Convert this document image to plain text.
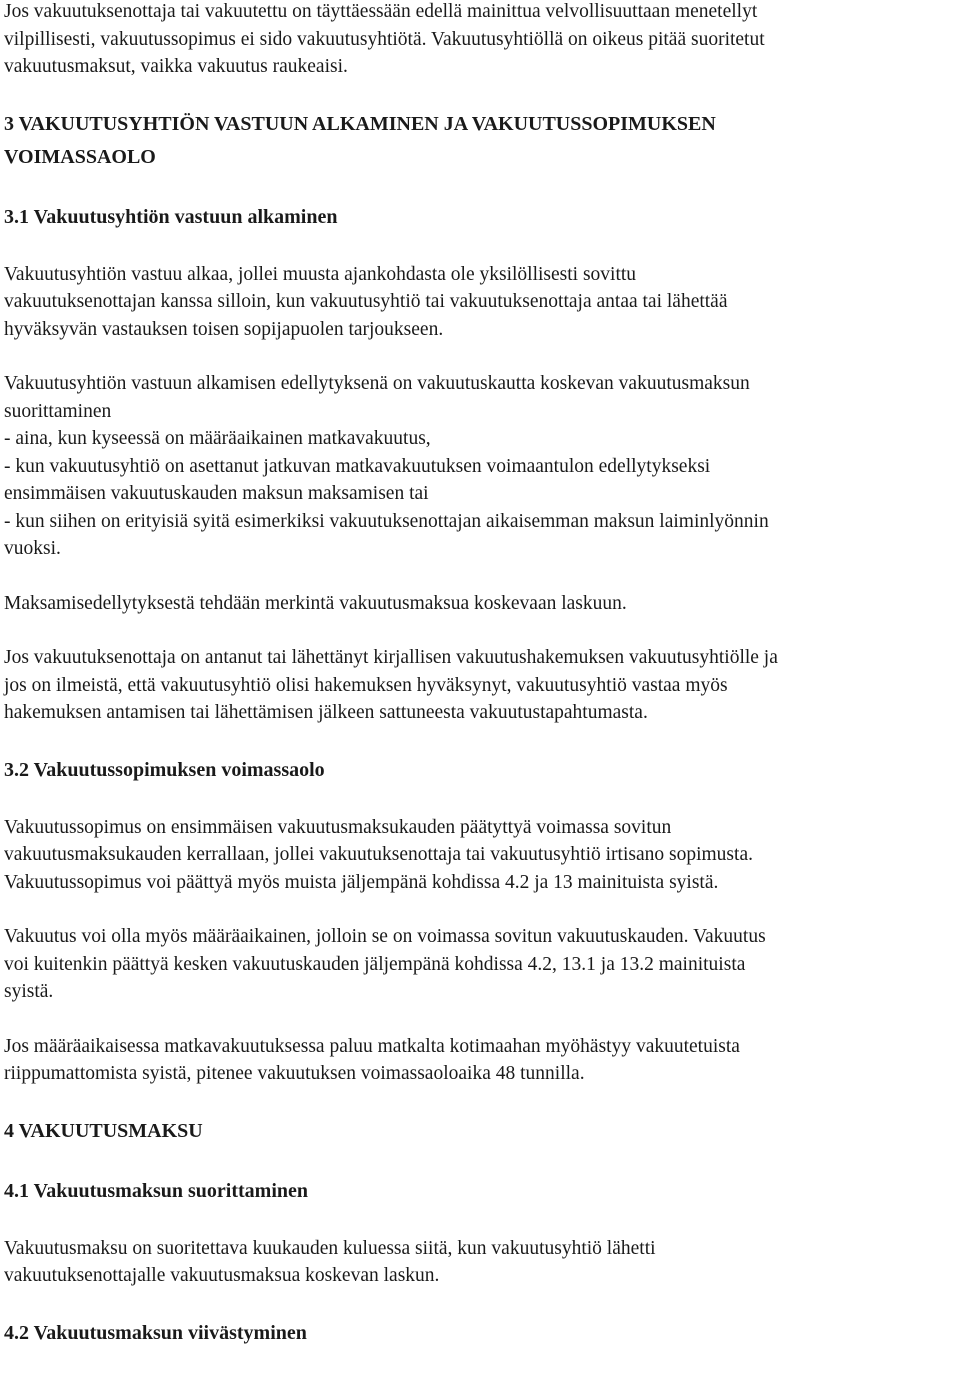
Jos vakuutuksenottaja tai vakuutettu on täyttäessään edellä mainittua velvollisuuttaan menetellyt
vilpillisesti, vakuutussopimus ei sido vakuutusyhtiötä. Vakuutusyhtiöllä on oikeus pitää suoritetut
vakuutusmaksut, vaikka vakuutus raukeaisi.

3 VAKUUTUSYHTIÖN VASTUUN ALKAMINEN JA VAKUUTUSSOPIMUKSEN
VOIMASSAOLO
3.1 Vakuutusyhtiön vastuun alkaminen

Vakuutusyhtiön vastuu alkaa, jollei muusta ajankohdasta ole yksilöllisesti sovittu
vakuutuksenottajan kanssa silloin, kun vakuutusyhtiö tai vakuutuksenottaja antaa tai lähettää
hyväksyvän vastauksen toisen sopijapuolen tarjoukseen.

Vakuutusyhtiön vastuun alkamisen edellytyksenä on vakuutuskautta koskevan vakuutusmaksun
suorittaminen
- aina, kun kyseessä on määräaikainen matkavakuutus,
- kun vakuutusyhtiö on asettanut jatkuvan matkavakuutuksen voimaantulon edellytykseksi
ensimmäisen vakuutuskauden maksun maksamisen tai
- kun siihen on erityisiä syitä esimerkiksi vakuutuksenottajan aikaisemman maksun laiminlyönnin
vuoksi.

Maksamisedellytyksestä tehdään merkintä vakuutusmaksua koskevaan laskuun.

Jos vakuutuksenottaja on antanut tai lähettänyt kirjallisen vakuutushakemuksen vakuutusyhtiölle ja
jos on ilmeistä, että vakuutusyhtiö olisi hakemuksen hyväksynyt, vakuutusyhtiö vastaa myös
hakemuksen antamisen tai lähettämisen jälkeen sattuneesta vakuutustapahtumasta.

3.2 Vakuutussopimuksen voimassaolo

Vakuutussopimus on ensimmäisen vakuutusmaksukauden päätyttyä voimassa sovitun
vakuutusmaksukauden kerrallaan, jollei vakuutuksenottaja tai vakuutusyhtiö irtisano sopimusta.
Vakuutussopimus voi päättyä myös muista jäljempänä kohdissa 4.2 ja 13 mainituista syistä.

Vakuutus voi olla myös määräaikainen, jolloin se on voimassa sovitun vakuutuskauden. Vakuutus
voi kuitenkin päättyä kesken vakuutuskauden jäljempänä kohdissa 4.2, 13.1 ja 13.2 mainituista
syistä.

Jos määräaikaisessa matkavakuutuksessa paluu matkalta kotimaahan myöhästyy vakuutetuista
riippumattomista syistä, pitenee vakuutuksen voimassaoloaika 48 tunnilla.

4 VAKUUTUSMAKSU
4.1 Vakuutusmaksun suorittaminen

Vakuutusmaksu on suoritettava kuukauden kuluessa siitä, kun vakuutusyhtiö lähetti
vakuutuksenottajalle vakuutusmaksua koskevan laskun.

4.2 Vakuutusmaksun viivästyminen
